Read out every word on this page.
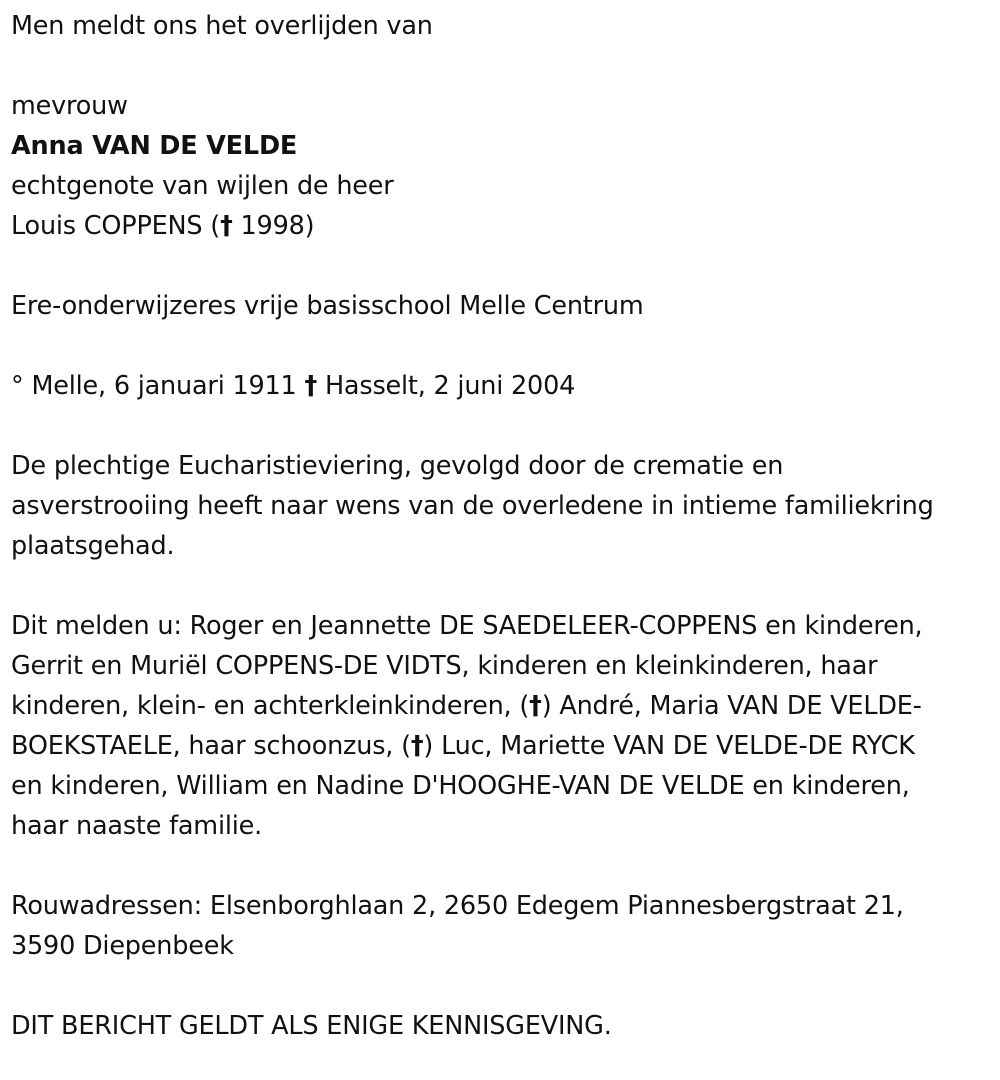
Men meldt ons het overlijden van
mevrouw
Anna VAN DE VELDE
echtgenote van wijlen de heer
Louis COPPENS († 1998)
Ere-onderwijzeres vrije basisschool Melle Centrum
° Melle, 6 januari 1911 † Hasselt, 2 juni 2004
De plechtige Eucharistieviering, gevolgd door de crematie en
asverstrooiing heeft naar wens van de overledene in intieme familiekring
plaatsgehad.
Dit melden u: Roger en Jeannette DE SAEDELEER-COPPENS en kinderen,
Gerrit en Muriël COPPENS-DE VIDTS, kinderen en kleinkinderen, haar
kinderen, klein- en achterkleinkinderen, (†) André, Maria VAN DE VELDE-
BOEKSTAELE, haar schoonzus, (†) Luc, Mariette VAN DE VELDE-DE RYCK
en kinderen, William en Nadine D'HOOGHE-VAN DE VELDE en kinderen,
haar naaste familie.
Rouwadressen: Elsenborghlaan 2, 2650 Edegem Piannesbergstraat 21,
3590 Diepenbeek
DIT BERICHT GELDT ALS ENIGE KENNISGEVING.
